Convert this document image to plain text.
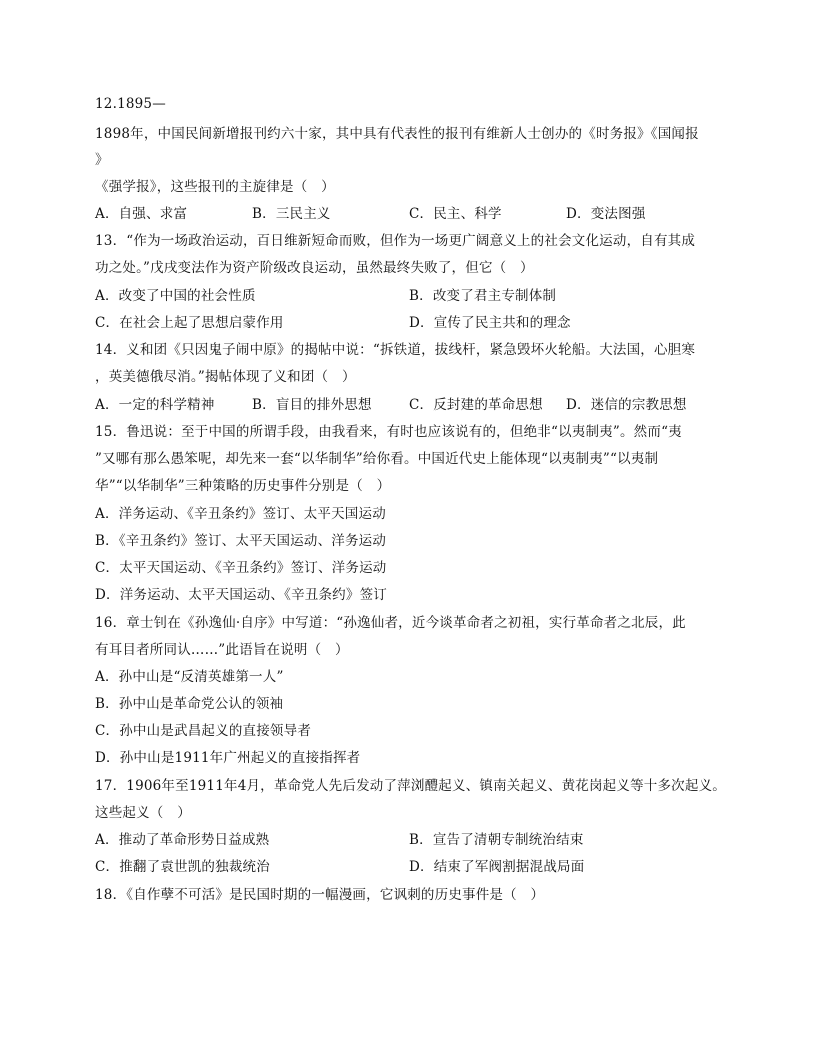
12.1895—
1898年，中国民间新增报刊约六十家，其中具有代表性的报刊有维新人士创办的《时务报》《国闻报
》
《强学报》，这些报刊的主旋律是（　）
A．自强、求富	B．三民主义	C．民主、科学	D．变法图强
13．“作为一场政治运动，百日维新短命而败，但作为一场更广阔意义上的社会文化运动，自有其成
功之处。”戊戌变法作为资产阶级改良运动，虽然最终失败了，但它（　）
A．改变了中国的社会性质	B．改变了君主专制体制
C．在社会上起了思想启蒙作用	D．宣传了民主共和的理念
14．义和团《只因鬼子闹中原》的揭帖中说：“拆铁道，拔线杆，紧急毁坏火轮船。大法国，心胆寒
，英美德俄尽消。”揭帖体现了义和团（　）
A．一定的科学精神	B．盲目的排外思想	C．反封建的革命思想 D．迷信的宗教思想
15．鲁迅说：至于中国的所谓手段，由我看来，有时也应该说有的，但绝非“以夷制夷”。然而“夷
”又哪有那么愚笨呢，却先来一套“以华制华”给你看。中国近代史上能体现“以夷制夷”“以夷制
华”“以华制华”三种策略的历史事件分别是（　）
A．洋务运动、《辛丑条约》签订、太平天国运动
B．《辛丑条约》签订、太平天国运动、洋务运动
C．太平天国运动、《辛丑条约》签订、洋务运动
D．洋务运动、太平天国运动、《辛丑条约》签订
16．章士钊在《孙逸仙·自序》中写道：“孙逸仙者，近今谈革命者之初祖，实行革命者之北辰，此
有耳目者所同认……”此语旨在说明（　）
A．孙中山是“反清英雄第一人”
B．孙中山是革命党公认的领袖
C．孙中山是武昌起义的直接领导者
D．孙中山是1911年广州起义的直接指挥者
17．1906年至1911年4月，革命党人先后发动了萍浏醴起义、镇南关起义、黄花岗起义等十多次起义。
这些起义（　）
A．推动了革命形势日益成熟	B．宣告了清朝专制统治结束
C．推翻了袁世凯的独裁统治	D．结束了军阀割据混战局面
18．《自作孽不可活》是民国时期的一幅漫画，它讽刺的历史事件是（　）
